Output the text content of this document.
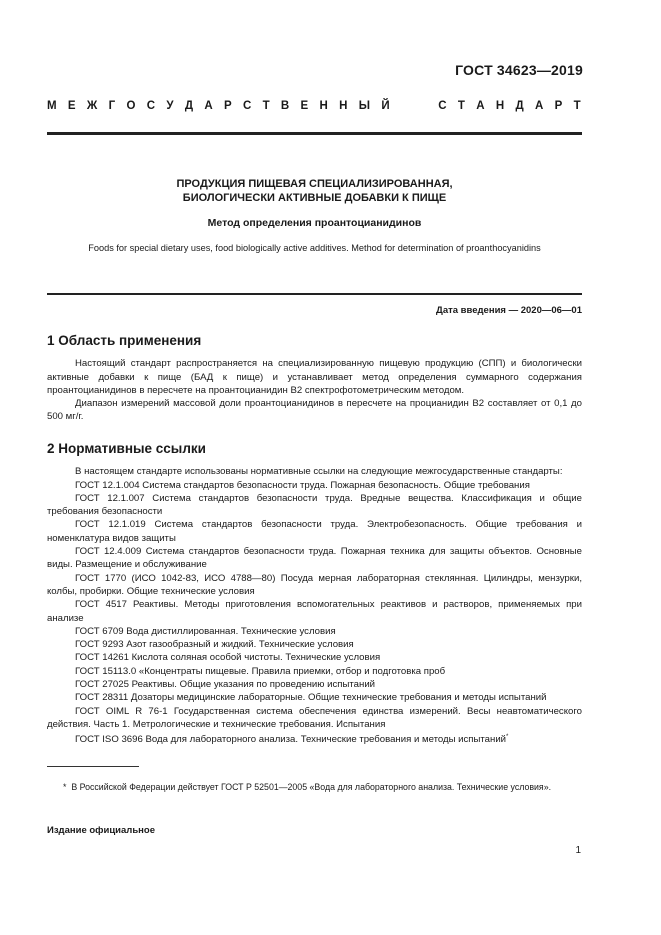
ГОСТ 34623—2019
М Е Ж Г О С У Д А Р С Т В Е Н Н Ы Й	С Т А Н Д А Р Т
ПРОДУКЦИЯ ПИЩЕВАЯ СПЕЦИАЛИЗИРОВАННАЯ,
БИОЛОГИЧЕСКИ АКТИВНЫЕ ДОБАВКИ К ПИЩЕ
Метод определения проантоцианидинов
Foods for special dietary uses, food biologically active additives. Method for determination of proanthocyanidins
Дата введения — 2020—06—01
1 Область применения

Настоящий стандарт распространяется на специализированную пищевую продукцию (СПП) и биологически активные добавки к пище (БАД к пище) и устанавливает метод определения суммарного содержания проантоцианидинов в пересчете на проантоцианидин В2 спектрофотометрическим методом.

Диапазон измерений массовой доли проантоцианидинов в пересчете на процианидин В2 составляет от 0,1 до 500 мг/г.

2 Нормативные ссылки

В настоящем стандарте использованы нормативные ссылки на следующие межгосударственные стандарты:

ГОСТ 12.1.004 Система стандартов безопасности труда. Пожарная безопасность. Общие требования

ГОСТ 12.1.007 Система стандартов безопасности труда. Вредные вещества. Классификация и общие требования безопасности

ГОСТ 12.1.019 Система стандартов безопасности труда. Электробезопасность. Общие требования и номенклатура видов защиты

ГОСТ 12.4.009 Система стандартов безопасности труда. Пожарная техника для защиты объектов. Основные виды. Размещение и обслуживание

ГОСТ 1770 (ИСО 1042-83, ИСО 4788—80) Посуда мерная лабораторная стеклянная. Цилиндры, мензурки, колбы, пробирки. Общие технические условия

ГОСТ 4517 Реактивы. Методы приготовления вспомогательных реактивов и растворов, применяемых при анализе

ГОСТ 6709 Вода дистиллированная. Технические условия

ГОСТ 9293 Азот газообразный и жидкий. Технические условия

ГОСТ 14261 Кислота соляная особой чистоты. Технические условия

ГОСТ 15113.0 «Концентраты пищевые. Правила приемки, отбор и подготовка проб

ГОСТ 27025 Реактивы. Общие указания по проведению испытаний

ГОСТ 28311 Дозаторы медицинские лабораторные. Общие технические требования и методы испытаний

ГОСТ OIML R 76-1 Государственная система обеспечения единства измерений. Весы неавтоматического действия. Часть 1. Метрологические и технические требования. Испытания

ГОСТ ISO 3696 Вода для лабораторного анализа. Технические требования и методы испытаний*

* В Российской Федерации действует ГОСТ Р 52501—2005 «Вода для лабораторного анализа. Технические условия».

Издание официальное
1
